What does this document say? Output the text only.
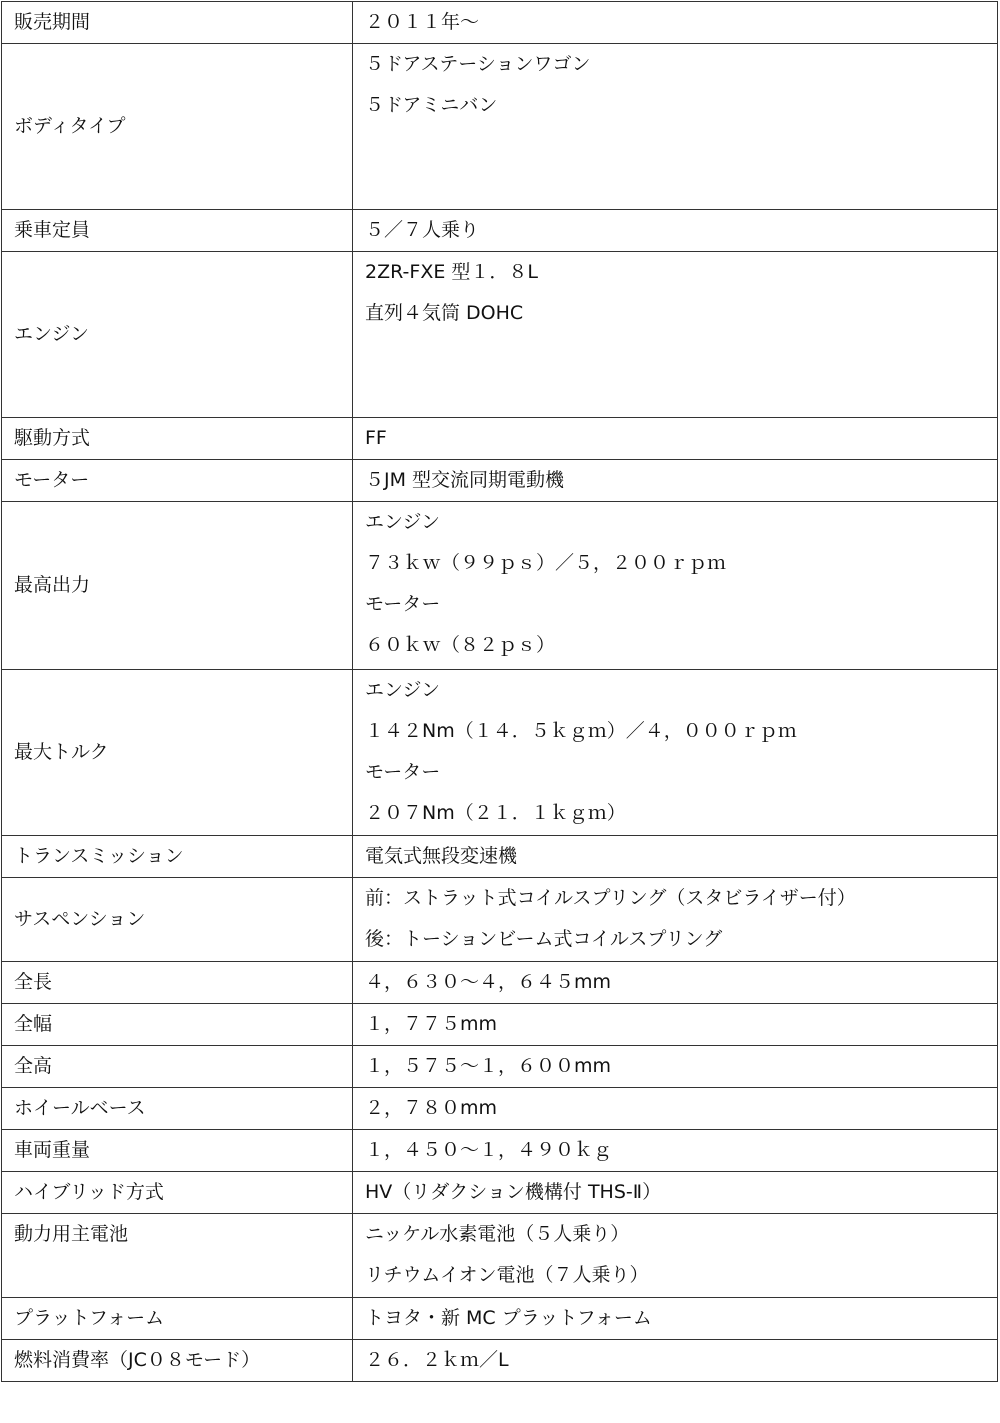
販売期間	２０１１年～

ボディタイプ	５ドアステーションワゴン
５ドアミニバン

乗車定員	５／７人乗り

エンジン	2ZR-FXE 型１．８L
直列４気筒 DOHC

駆動方式	FF

モーター	５JM 型交流同期電動機

最高出力	エンジン
７３ｋｗ（９９ｐｓ）／５，２００ｒｐｍ
モーター
６０ｋｗ（８２ｐｓ）

最大トルク	エンジン
１４２Nm（１４．５ｋｇｍ）／４，０００ｒｐｍ
モーター
２０７Nm（２１．１ｋｇｍ）

トランスミッション	電気式無段変速機

サスペンション	前：ストラット式コイルスプリング（スタビライザー付）
後：トーションビーム式コイルスプリング

全長	４，６３０～４，６４５mm

全幅	１，７７５mm

全高	１，５７５～１，６００mm

ホイールベース	２，７８０mm

車両重量	１，４５０～１，４９０ｋｇ

ハイブリッド方式	HV（リダクション機構付 THS-Ⅱ）

動力用主電池	ニッケル水素電池（５人乗り）
リチウムイオン電池（７人乗り）

プラットフォーム	トヨタ・新 MC プラットフォーム

燃料消費率（JC０８モード）	２６．２ｋｍ／L
